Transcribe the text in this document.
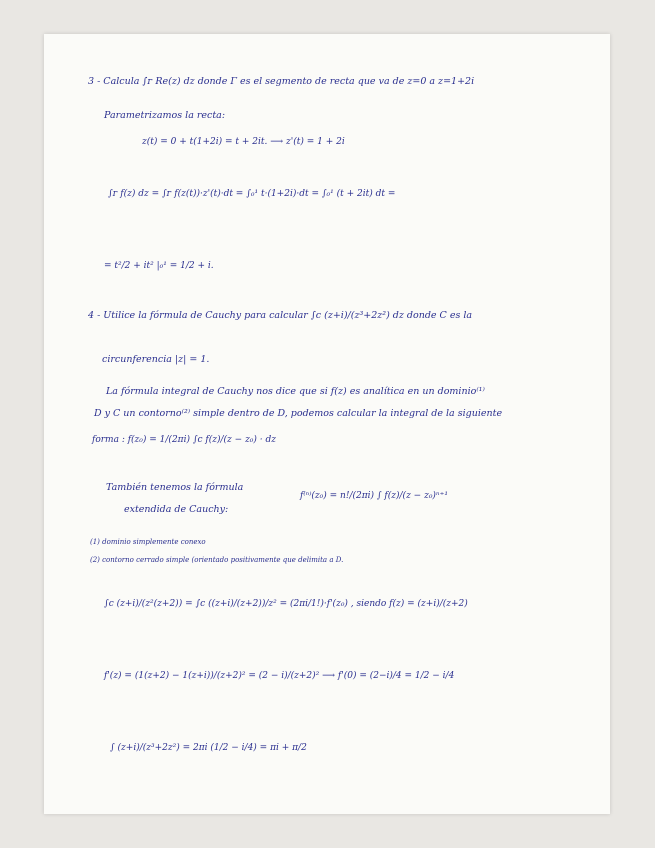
3 - Calcula ∫ᴦ Re(z) dz donde Γ es el segmento de recta que va de z=0 a z=1+2i
Parametrizamos la recta:
z(t) = 0 + t(1+2i) = t + 2it. ⟶ z'(t) = 1 + 2i
∫ᴦ f(z) dz = ∫ᴦ f(z(t))·z'(t)·dt = ∫₀¹ t·(1+2i)·dt = ∫₀¹ (t + 2it) dt =
= t²/2 + it² |₀¹ = 1/2 + i.
4 - Utilice la fórmula de Cauchy para calcular ∫c (z+i)/(z³+2z²) dz donde C es la
circunferencia |z| = 1.
La fórmula integral de Cauchy nos dice que si f(z) es analítica en un dominio⁽¹⁾
D y C un contorno⁽²⁾ simple dentro de D, podemos calcular la integral de la siguiente
forma : f(z₀) = 1/(2πi) ∫c f(z)/(z − z₀) · dz
También tenemos la fórmula
f⁽ⁿ⁾(z₀) = n!/(2πi) ∫ f(z)/(z − z₀)ⁿ⁺¹
extendida de Cauchy:
(1) dominio simplemente conexo
(2) contorno cerrado simple (orientado positivamente que delimita a D.
∫c (z+i)/(z²(z+2)) = ∫c ((z+i)/(z+2))/z² = (2πi/1!)·f'(z₀) , siendo f(z) = (z+i)/(z+2)
f'(z) = (1(z+2) − 1(z+i))/(z+2)² = (2 − i)/(z+2)² ⟶ f'(0) = (2−i)/4 = 1/2 − i/4
∫ (z+i)/(z³+2z²) = 2πi (1/2 − i/4) = πi + π/2
